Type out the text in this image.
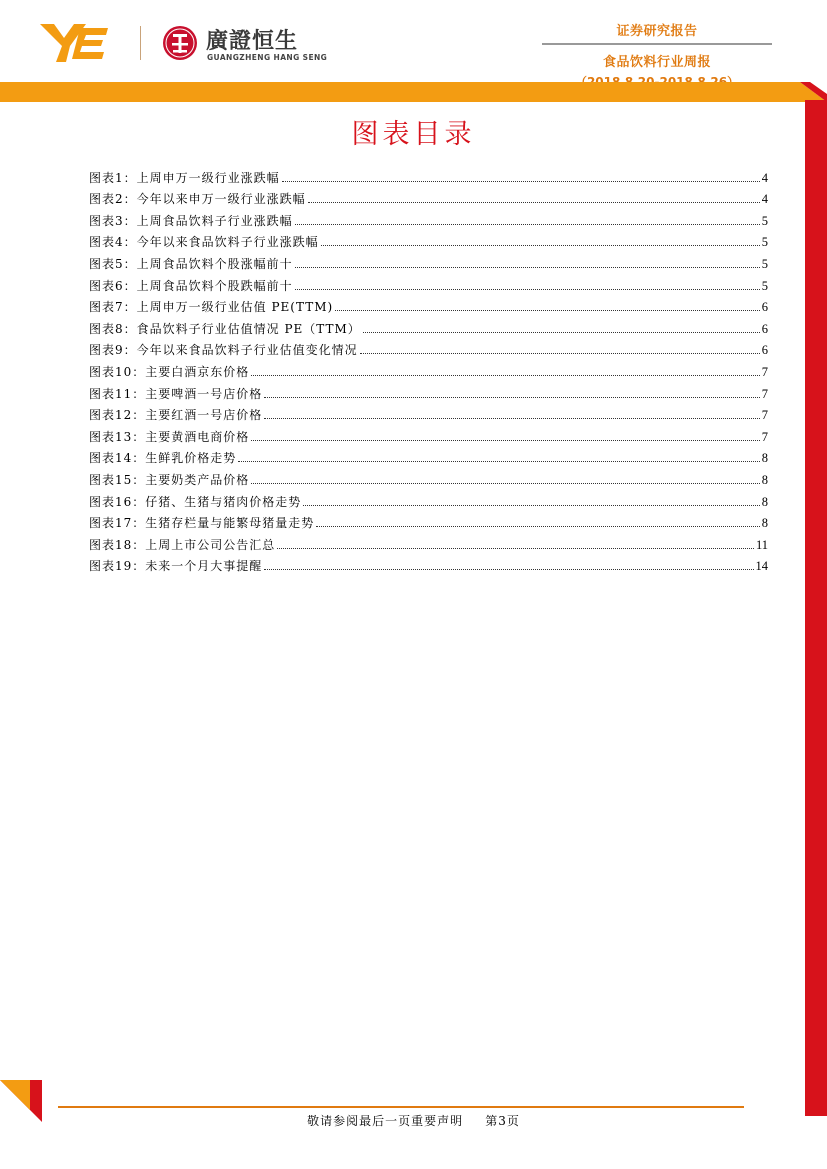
廣證恒生
GUANGZHENG HANG SENG
证券研究报告
食品饮料行业周报
图表目录
图表1：上周申万一级行业涨跌幅	4
图表2：今年以来申万一级行业涨跌幅	4
图表3：上周食品饮料子行业涨跌幅	5
图表4：今年以来食品饮料子行业涨跌幅	5
图表5：上周食品饮料个股涨幅前十	5
图表6：上周食品饮料个股跌幅前十	5
图表7：上周申万一级行业估值 PE(TTM)	6
图表8：食品饮料子行业估值情况 PE（TTM）	6
图表9：今年以来食品饮料子行业估值变化情况	6
图表10：主要白酒京东价格	7
图表11：主要啤酒一号店价格	7
图表12：主要红酒一号店价格	7
图表13：主要黄酒电商价格	7
图表14：生鲜乳价格走势	8
图表15：主要奶类产品价格	8
图表16：仔猪、生猪与猪肉价格走势	8
图表17：生猪存栏量与能繁母猪量走势	8
图表18：上周上市公司公告汇总	11
图表19：未来一个月大事提醒	14
敬请参阅最后一页重要声明 第3页
